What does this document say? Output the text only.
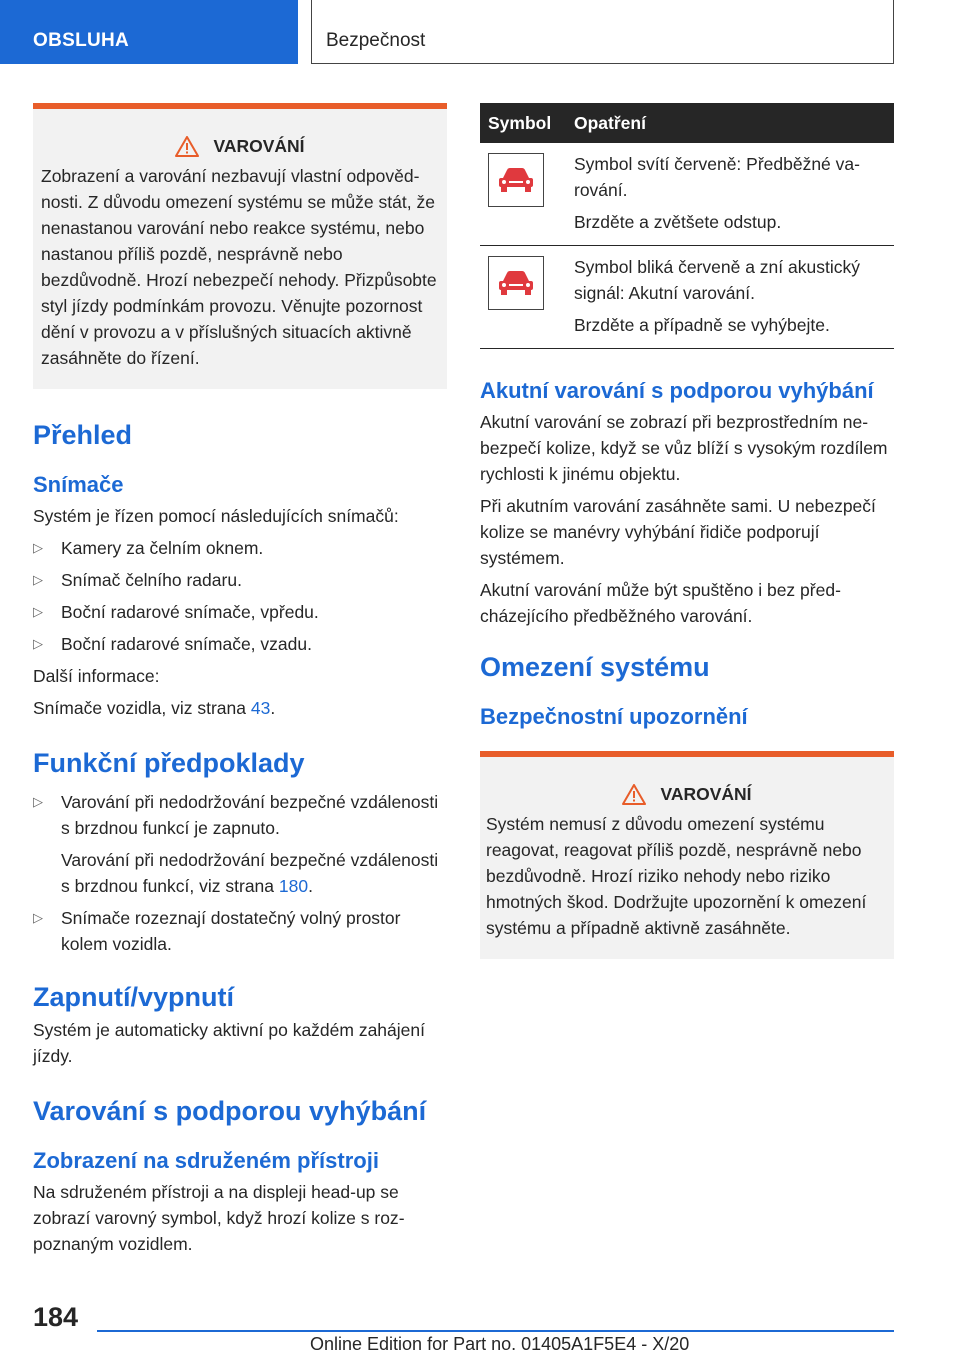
OBSLUHA	Bezpečnost
VAROVÁNÍ

Zobrazení a varování nezbavují vlastní odpovědnosti. Z důvodu omezení systému se může stát, že nenastanou varování nebo reakce systému, nebo nastanou příliš pozdě, nesprávně nebo bezdůvodně. Hrozí nebezpečí nehody. Přizpůsobte styl jízdy podmínkám provozu. Věnujte pozornost dění v provozu a v příslušných situacích aktivně zasáhněte do řízení.

Přehled
Snímače

Systém je řízen pomocí následujících snímačů:

▷ Kamery za čelním oknem.
▷ Snímač čelního radaru.
▷ Boční radarové snímače, vpředu.
▷ Boční radarové snímače, vzadu.

Další informace:

Snímače vozidla, viz strana 43.

Funkční předpoklady
▷ Varování při nedodržování bezpečné vzdálenosti s brzdnou funkcí je zapnuto.
Varování při nedodržování bezpečné vzdálenosti s brzdnou funkcí, viz strana 180.
▷ Snímače rozeznají dostatečný volný prostor kolem vozidla.
Zapnutí/vypnutí

Systém je automaticky aktivní po každém zahájení jízdy.

Varování s podporou vyhýbání
Zobrazení na sdruženém přístroji

Na sdruženém přístroji a na displeji head-up se zobrazí varovný symbol, když hrozí kolize s rozpoznaným vozidlem.

Symbol	Opatření

Symbol svítí červeně: Předběžné varování.

Brzděte a zvětšete odstup.

Symbol bliká červeně a zní akustický signál: Akutní varování.

Brzděte a případně se vyhýbejte.

Akutní varování s podporou vyhýbání

Akutní varování se zobrazí při bezprostředním nebezpečí kolize, když se vůz blíží s vysokým rozdílem rychlosti k jinému objektu.

Při akutním varování zasáhněte sami. U nebezpečí kolize se manévry vyhýbání řidiče podporují systémem.

Akutní varování může být spuštěno i bez předcházejícího předběžného varování.

Omezení systému
Bezpečnostní upozornění
VAROVÁNÍ

Systém nemusí z důvodu omezení systému reagovat, reagovat příliš pozdě, nesprávně nebo bezdůvodně. Hrozí riziko nehody nebo riziko hmotných škod. Dodržujte upozornění k omezení systému a případně aktivně zasáhněte.

184
Online Edition for Part no. 01405A1F5E4 - X/20
